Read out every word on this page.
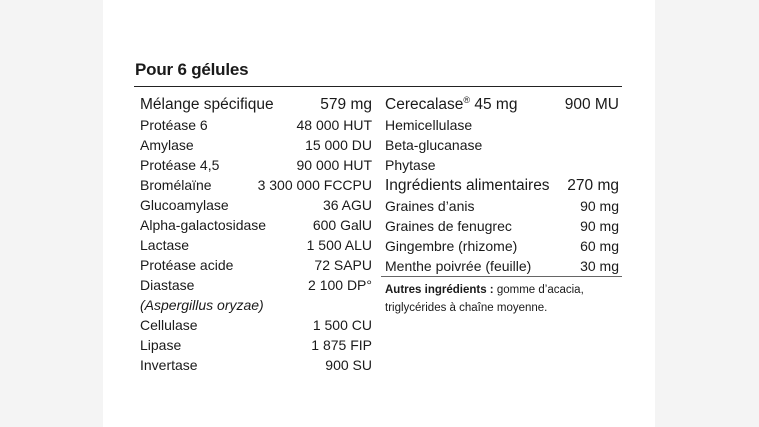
Pour 6 gélules
Mélange spécifique	579 mg
Protéase 6	48 000 HUT
Amylase	15 000 DU
Protéase 4,5	90 000 HUT
Bromélaïne	3 300 000 FCCPU
Glucoamylase	36 AGU
Alpha-galactosidase	600 GalU
Lactase	1 500 ALU
Protéase acide	72 SAPU
Diastase	2 100 DP°
(Aspergillus oryzae)
Cellulase	1 500 CU
Lipase	1 875 FIP
Invertase	900 SU
Cerecalase® 45 mg	900 MU
Hemicellulase
Beta-glucanase
Phytase
Ingrédients alimentaires 270 mg
Graines d’anis	90 mg
Graines de fenugrec	90 mg
Gingembre (rhizome)	60 mg
Menthe poivrée (feuille)	30 mg
Autres ingrédients : gomme d’acacia,
triglycérides à chaîne moyenne.
